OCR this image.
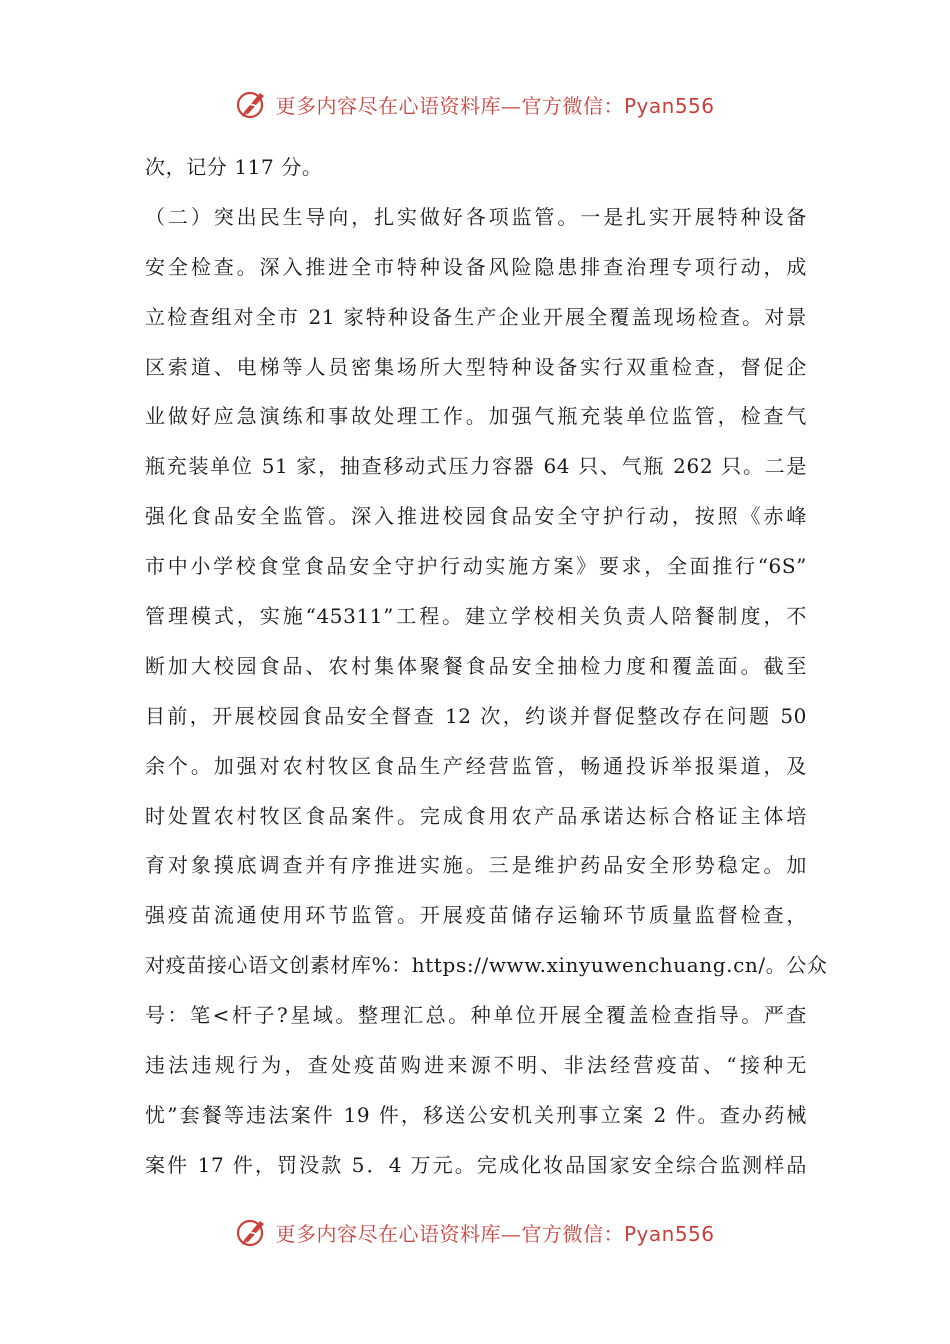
更多内容尽在心语资料库—官方微信：Pyan556
次，记分 117 分。
（二）突出民生导向，扎实做好各项监管。一是扎实开展特种设备
安全检查。深入推进全市特种设备风险隐患排查治理专项行动，成
立检查组对全市 21 家特种设备生产企业开展全覆盖现场检查。对景
区索道、电梯等人员密集场所大型特种设备实行双重检查，督促企
业做好应急演练和事故处理工作。加强气瓶充装单位监管，检查气
瓶充装单位 51 家，抽查移动式压力容器 64 只、气瓶 262 只。二是
强化食品安全监管。深入推进校园食品安全守护行动，按照《赤峰
市中小学校食堂食品安全守护行动实施方案》要求，全面推行“6S”
管理模式，实施“45311”工程。建立学校相关负责人陪餐制度，不
断加大校园食品、农村集体聚餐食品安全抽检力度和覆盖面。截至
目前，开展校园食品安全督查 12 次，约谈并督促整改存在问题 50
余个。加强对农村牧区食品生产经营监管，畅通投诉举报渠道，及
时处置农村牧区食品案件。完成食用农产品承诺达标合格证主体培
育对象摸底调查并有序推进实施。三是维护药品安全形势稳定。加
强疫苗流通使用环节监管。开展疫苗储存运输环节质量监督检查，
对疫苗接心语文创素材库%：https://www.xinyuwenchuang.cn/。公众
号：笔<杆子?星域。整理汇总。种单位开展全覆盖检查指导。严查
违法违规行为，查处疫苗购进来源不明、非法经营疫苗、“接种无
忧”套餐等违法案件 19 件，移送公安机关刑事立案 2 件。查办药械
案件 17 件，罚没款 5．4 万元。完成化妆品国家安全综合监测样品
更多内容尽在心语资料库—官方微信：Pyan556
